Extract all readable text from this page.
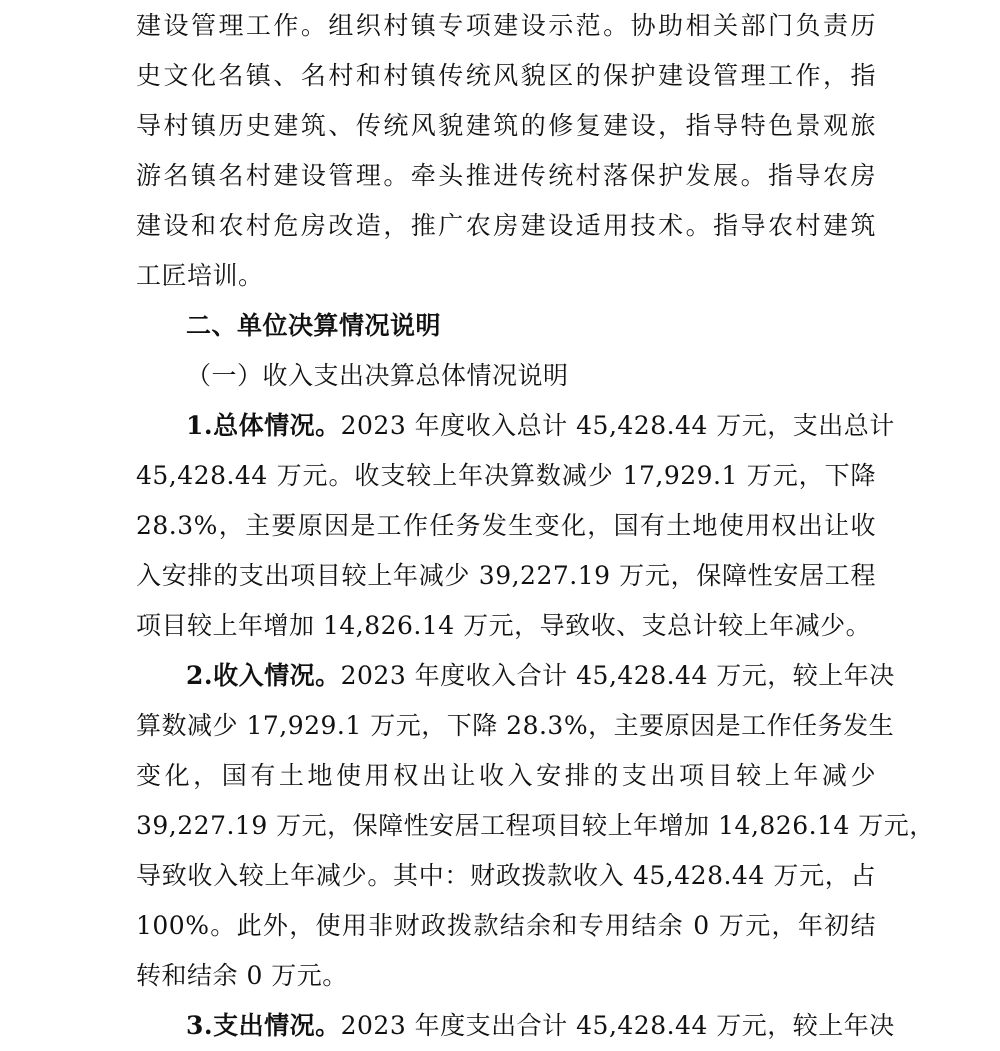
建设管理工作。组织村镇专项建设示范。协助相关部门负责历
史文化名镇、名村和村镇传统风貌区的保护建设管理工作，指
导村镇历史建筑、传统风貌建筑的修复建设，指导特色景观旅
游名镇名村建设管理。牵头推进传统村落保护发展。指导农房
建设和农村危房改造，推广农房建设适用技术。指导农村建筑
工匠培训。
二、单位决算情况说明
（一）收入支出决算总体情况说明
1.总体情况。2023 年度收入总计 45,428.44 万元，支出总计
45,428.44 万元。收支较上年决算数减少 17,929.1 万元，下降
28.3%，主要原因是工作任务发生变化，国有土地使用权出让收
入安排的支出项目较上年减少 39,227.19 万元，保障性安居工程
项目较上年增加 14,826.14 万元，导致收、支总计较上年减少。
2.收入情况。2023 年度收入合计 45,428.44 万元，较上年决
算数减少 17,929.1 万元，下降 28.3%，主要原因是工作任务发生
变化，国有土地使用权出让收入安排的支出项目较上年减少
39,227.19 万元，保障性安居工程项目较上年增加 14,826.14 万元，
导致收入较上年减少。其中：财政拨款收入 45,428.44 万元，占
100%。此外，使用非财政拨款结余和专用结余 0 万元，年初结
转和结余 0 万元。
3.支出情况。2023 年度支出合计 45,428.44 万元，较上年决
